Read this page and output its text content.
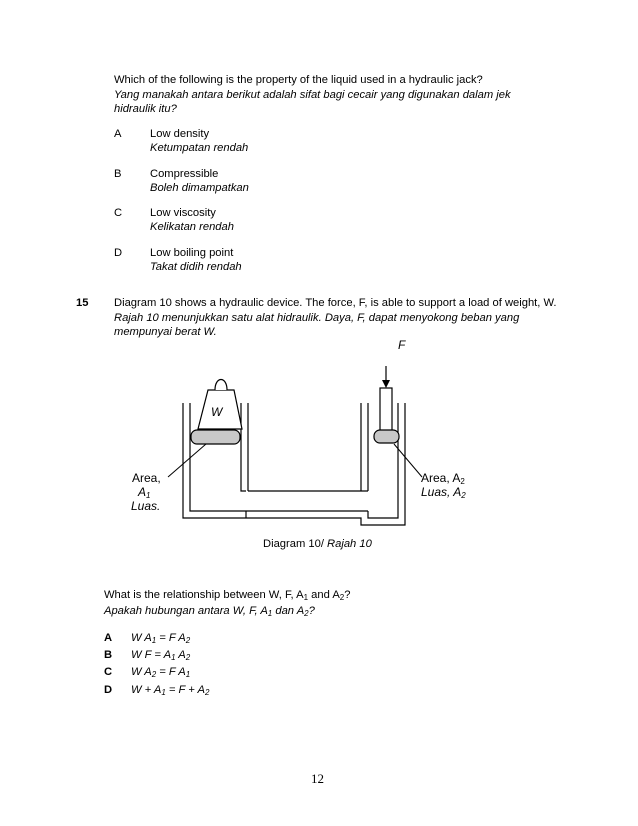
Which of the following is the property of the liquid used in a hydraulic jack?
Yang manakah antara berikut adalah sifat bagi cecair yang digunakan dalam jek
hidraulik itu?
A	Low density
Ketumpatan rendah
B	Compressible
Boleh dimampatkan
C Low viscosity
Kelikatan rendah
D Low boiling point
Takat didih rendah
15 Diagram 10 shows a hydraulic device. The force, F, is able to support a load of weight, W.
Rajah 10 menunjukkan satu alat hidraulik. Daya, F, dapat menyokong beban yang
mempunyai berat W.
W
F
Area,
$A_1$
Luas.
Area, $A_2$
Luas, $A_2$
Diagram 10/ Rajah 10
What is the relationship between W, F, $A_1$ and $A_2$?
Apakah hubungan antara W, F, $A_1$ dan $A_2$?
A W $A_1 = F$ $A_2$
B W $F = A_1$ $A_2$
C W $A_2 = F$ $A_1$
D $W + A_1 = F + A_2$
12
